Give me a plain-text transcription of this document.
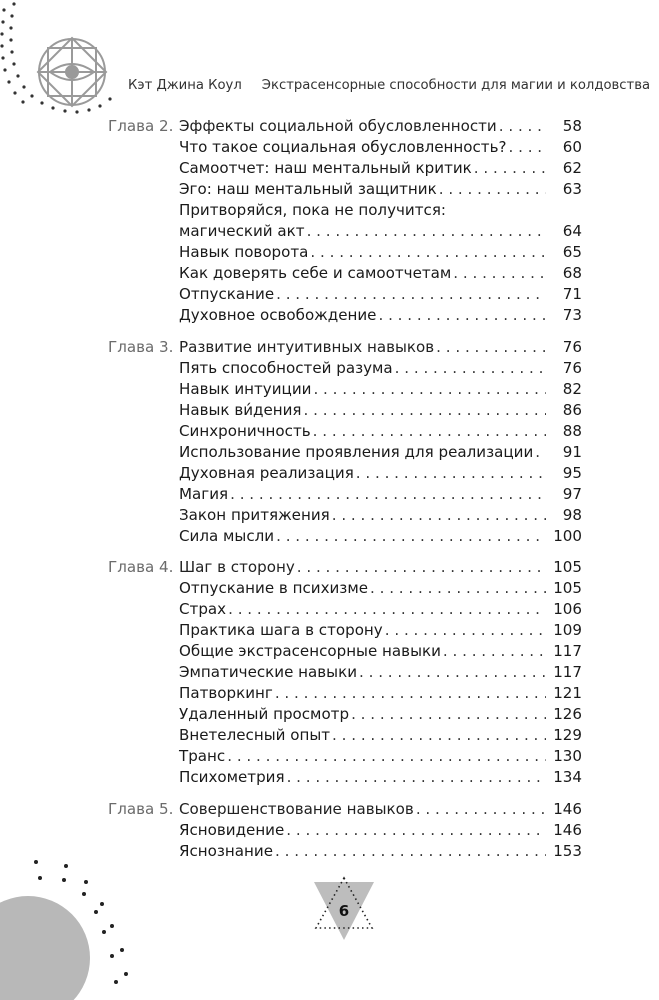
Кэт Джина Коул Экстрасенсорные способности для магии и колдовства
Глава 2. Эффекты социальной обусловленности . . .	58
Что такое социальная обусловленность? . . .	60
Самоотчет: наш ментальный критик . . .	62
Эго: наш ментальный защитник . . .	63
Притворяйся, пока не получится:
магический акт . . .	64
Навык поворота . . .	65
Как доверять себе и самоотчетам . . .	68
Отпускание . . .	71
Духовное освобождение . . .	73
Глава 3. Развитие интуитивных навыков . . .	76
Пять способностей разума . . .	76
Навык интуиции . . .	82
Навык ви́дения . . .	86
Синхроничность . . .	88
Использование проявления для реализации . . .	91
Духовная реализация . . .	95
Магия . . .	97
Закон притяжения . . .	98
Сила мысли . . .	100
Глава 4. Шаг в сторону . . .	105
Отпускание в психизме . . .	105
Страх . . .	106
Практика шага в сторону . . .	109
Общие экстрасенсорные навыки . . .	117
Эмпатические навыки . . .	117
Патворкинг . . .	121
Удаленный просмотр . . .	126
Внетелесный опыт . . .	129
Транс . . .	130
Психометрия . . .	134
Глава 5. Совершенствование навыков . . .	146
Ясновидение . . .	146
Яснознание . . .	153
6
